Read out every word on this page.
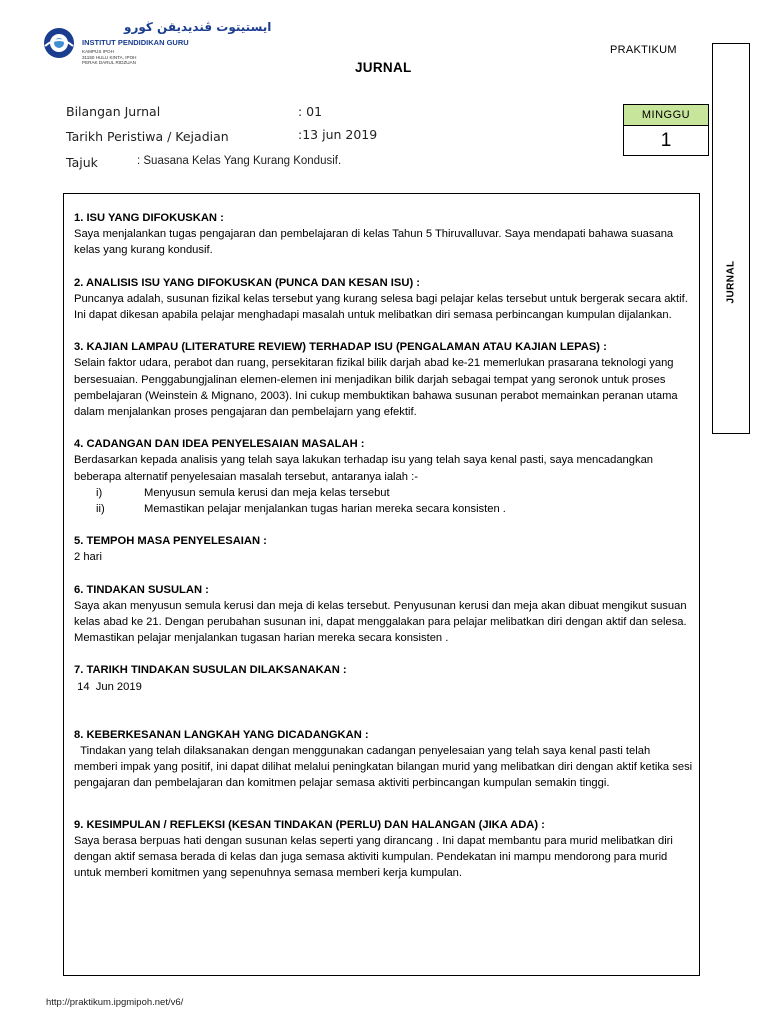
ايستيتوت ڤنديديقن ڬورو
INSTITUT PENDIDIKAN GURU
KAMPUS IPOH
31150 HULU KINTA, IPOH
PERAK DARUL RIDZUAN
PRAKTIKUM
JURNAL
Bilangan Jurnal	: 01
Tarikh Peristiwa / Kejadian	:13 jun 2019
Tajuk	: Suasana Kelas Yang Kurang Kondusif.
MINGGU
1
JURNAL
1. ISU YANG DIFOKUSKAN :

Saya menjalankan tugas pengajaran dan pembelajaran di kelas Tahun 5 Thiruvalluvar. Saya mendapati bahawa suasana kelas yang kurang kondusif.

2. ANALISIS ISU YANG DIFOKUSKAN (PUNCA DAN KESAN ISU) :

Puncanya adalah, susunan fizikal kelas tersebut yang kurang selesa bagi pelajar kelas tersebut untuk bergerak secara aktif. Ini dapat dikesan apabila pelajar menghadapi masalah untuk melibatkan diri semasa perbincangan kumpulan dijalankan.

3. KAJIAN LAMPAU (LITERATURE REVIEW) TERHADAP ISU (PENGALAMAN ATAU KAJIAN LEPAS) :

Selain faktor udara, perabot dan ruang, persekitaran fizikal bilik darjah abad ke-21 memerlukan prasarana teknologi yang bersesuaian. Penggabungjalinan elemen-elemen ini menjadikan bilik darjah sebagai tempat yang seronok untuk proses pembelajaran (Weinstein & Mignano, 2003). Ini cukup membuktikan bahawa susunan perabot memainkan peranan utama dalam menjalankan proses pengajaran dan pembelajarn yang efektif.

4. CADANGAN DAN IDEA PENYELESAIAN MASALAH :

Berdasarkan kepada analisis yang telah saya lakukan terhadap isu yang telah saya kenal pasti, saya mencadangkan beberapa alternatif penyelesaian masalah tersebut, antaranya ialah :-

i)	Menyusun semula kerusi dan meja kelas tersebut
ii)	Memastikan pelajar menjalankan tugas harian mereka secara konsisten .
5. TEMPOH MASA PENYELESAIAN :

2 hari

6. TINDAKAN SUSULAN :

Saya akan menyusun semula kerusi dan meja di kelas tersebut. Penyusunan kerusi dan meja akan dibuat mengikut susuan kelas abad ke 21. Dengan perubahan susunan ini, dapat menggalakan para pelajar melibatkan diri dengan aktif dan selesa. Memastikan pelajar menjalankan tugasan harian mereka secara konsisten .

7. TARIKH TINDAKAN SUSULAN DILAKSANAKAN :

14  Jun 2019

8. KEBERKESANAN LANGKAH YANG DICADANGKAN :

Tindakan yang telah dilaksanakan dengan menggunakan cadangan penyelesaian yang telah saya kenal pasti telah memberi impak yang positif, ini dapat dilihat melalui peningkatan bilangan murid yang melibatkan diri dengan aktif ketika sesi pengajaran dan pembelajaran dan komitmen pelajar semasa aktiviti perbincangan kumpulan semakin tinggi.

9. KESIMPULAN / REFLEKSI (KESAN TINDAKAN (PERLU) DAN HALANGAN (JIKA ADA) :

Saya berasa berpuas hati dengan susunan kelas seperti yang dirancang . Ini dapat membantu para murid melibatkan diri dengan aktif semasa berada di kelas dan juga semasa aktiviti kumpulan. Pendekatan ini mampu mendorong para murid untuk memberi komitmen yang sepenuhnya semasa memberi kerja kumpulan.

http://praktikum.ipgmipoh.net/v6/
